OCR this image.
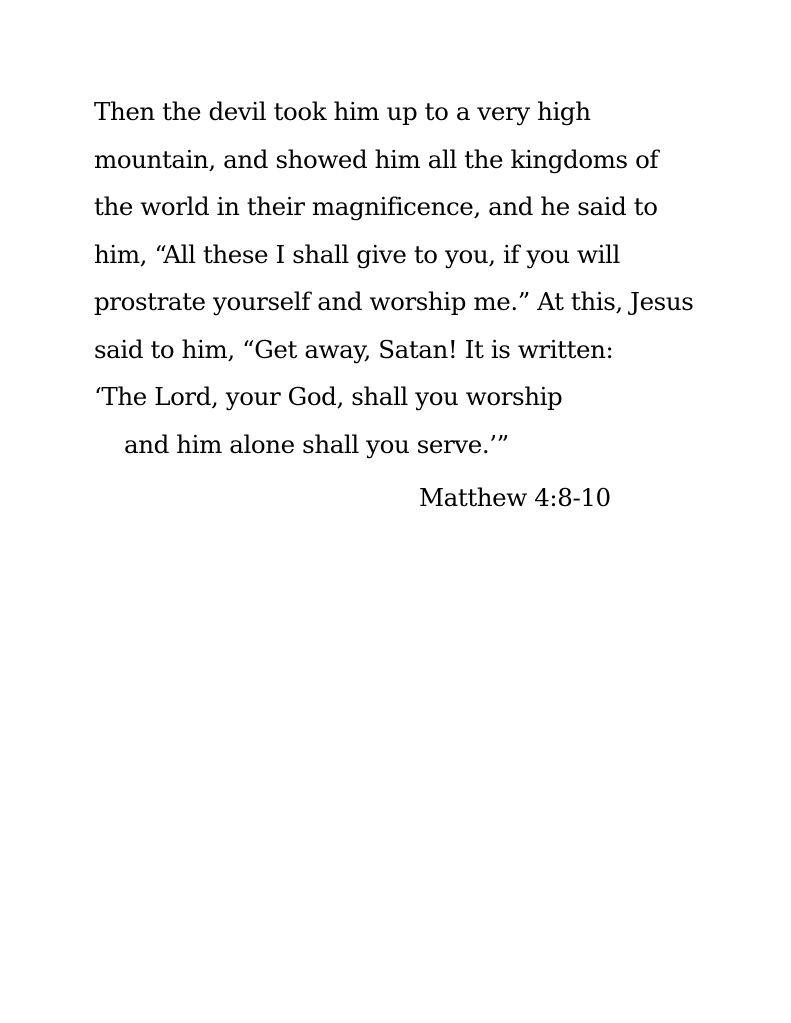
Then the devil took him up to a very high
mountain, and showed him all the kingdoms of
the world in their magnificence, and he said to
him, “All these I shall give to you, if you will
prostrate yourself and worship me.” At this, Jesus
said to him, “Get away, Satan! It is written:
‘The Lord, your God, shall you worship
and him alone shall you serve.’”
Matthew 4:8-10
